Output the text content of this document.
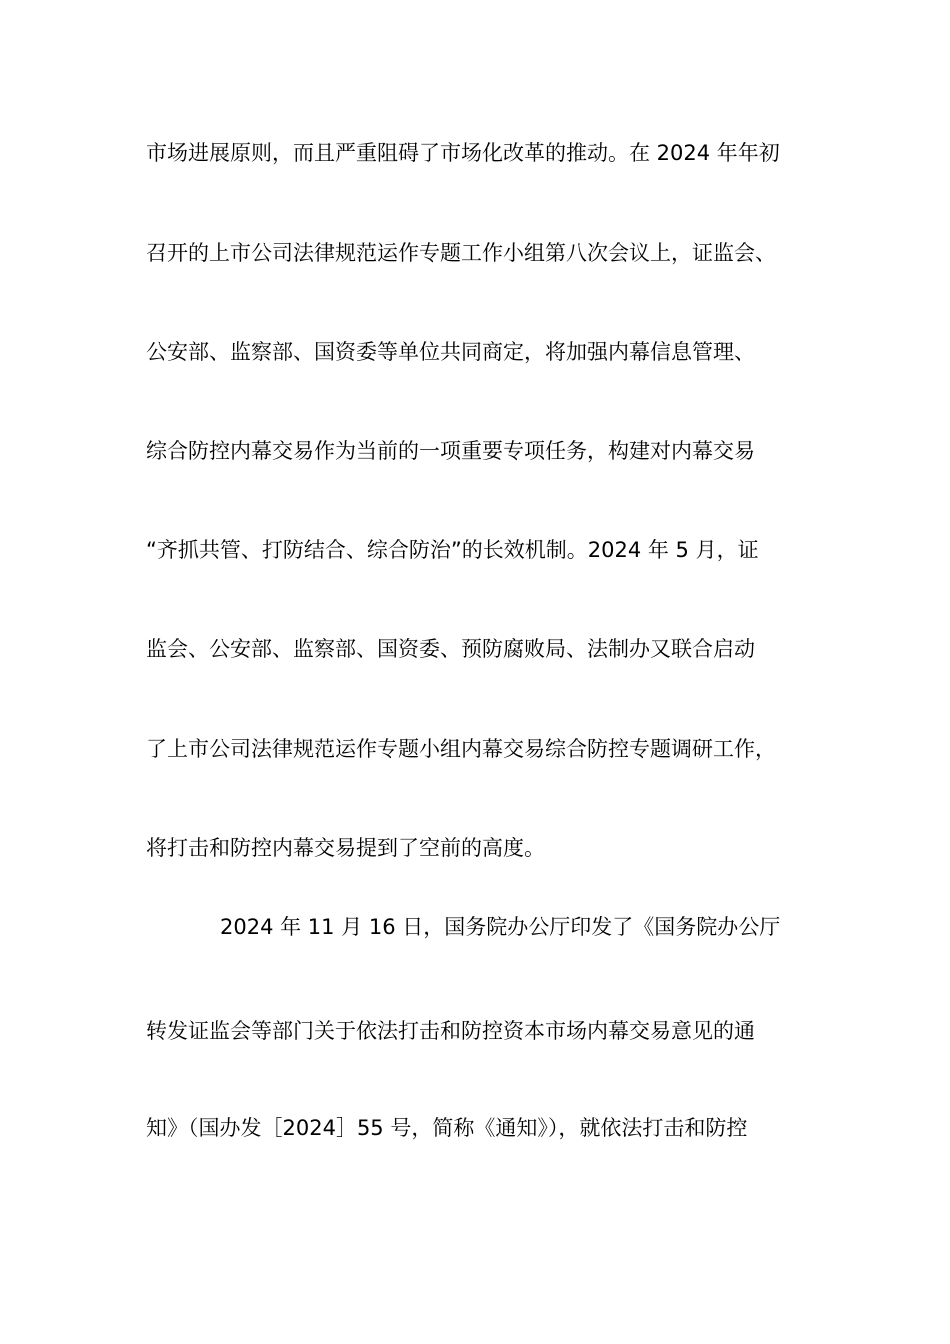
市场进展原则，而且严重阻碍了市场化改革的推动。在 2024 年年初
召开的上市公司法律规范运作专题工作小组第八次会议上，证监会、
公安部、监察部、国资委等单位共同商定，将加强内幕信息管理、
综合防控内幕交易作为当前的一项重要专项任务，构建对内幕交易
“齐抓共管、打防结合、综合防治”的长效机制。2024 年 5 月，证
监会、公安部、监察部、国资委、预防腐败局、法制办又联合启动
了上市公司法律规范运作专题小组内幕交易综合防控专题调研工作，
将打击和防控内幕交易提到了空前的高度。
2024 年 11 月 16 日，国务院办公厅印发了《国务院办公厅
转发证监会等部门关于依法打击和防控资本市场内幕交易意见的通
知》（国办发［2024］55 号，简称《通知》），就依法打击和防控
